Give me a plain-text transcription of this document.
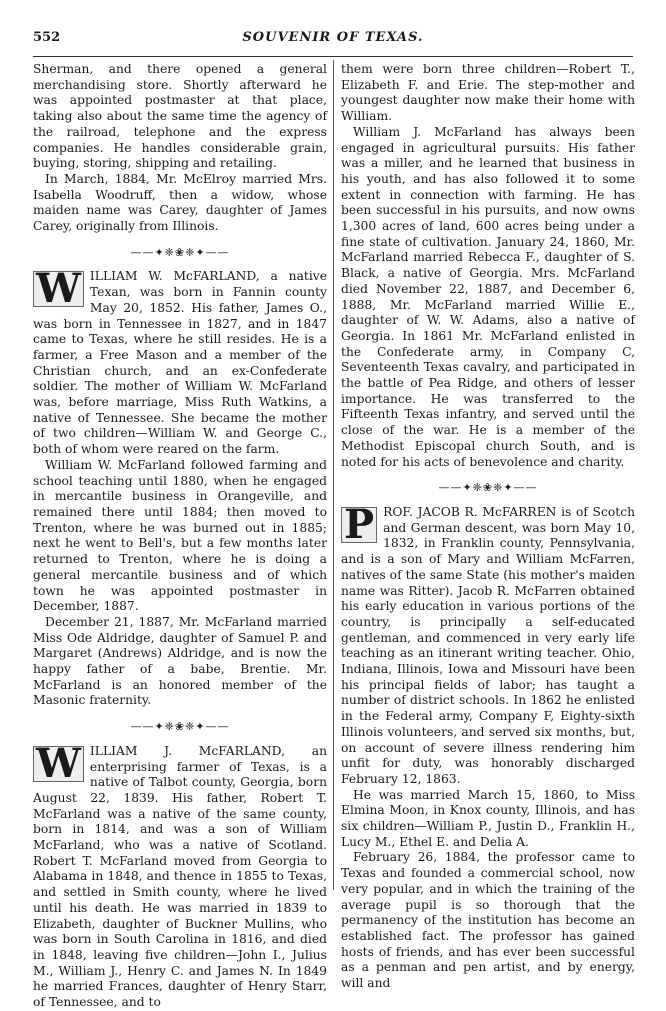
552	SOUVENIR OF TEXAS.

Sherman, and there opened a general merchandising store. Shortly afterward he was appointed postmaster at that place, taking also about the same time the agency of the railroad, telephone and the express companies. He handles considerable grain, buying, storing, shipping and retailing.

In March, 1884, Mr. McElroy married Mrs. Isabella Woodruff, then a widow, whose maiden name was Carey, daughter of James Carey, originally from Illinois.

——✦❈❀❈✦——

W ILLIAM W. McFARLAND, a native Texan, was born in Fannin county May 20, 1852. His father, James O., was born in Tennessee in 1827, and in 1847 came to Texas, where he still resides. He is a farmer, a Free Mason and a member of the Christian church, and an ex-Confederate soldier. The mother of William W. McFarland was, before marriage, Miss Ruth Watkins, a native of Tennessee. She became the mother of two children—William W. and George C., both of whom were reared on the farm.

William W. McFarland followed farming and school teaching until 1880, when he engaged in mercantile business in Orangeville, and remained there until 1884; then moved to Trenton, where he was burned out in 1885; next he went to Bell's, but a few months later returned to Trenton, where he is doing a general mercantile business and of which town he was appointed postmaster in December, 1887.

December 21, 1887, Mr. McFarland married Miss Ode Aldridge, daughter of Samuel P. and Margaret (Andrews) Aldridge, and is now the happy father of a babe, Brentie. Mr. McFarland is an honored member of the Masonic fraternity.

——✦❈❀❈✦——

W ILLIAM J. McFARLAND, an enterprising farmer of Texas, is a native of Talbot county, Georgia, born August 22, 1839. His father, Robert T. McFarland was a native of the same county, born in 1814, and was a son of William McFarland, who was a native of Scotland. Robert T. McFarland moved from Georgia to Alabama in 1848, and thence in 1855 to Texas, and settled in Smith county, where he lived until his death. He was married in 1839 to Elizabeth, daughter of Buckner Mullins, who was born in South Carolina in 1816, and died in 1848, leaving five children—John I., Julius M., William J., Henry C. and James N. In 1849 he married Frances, daughter of Henry Starr, of Tennessee, and to

them were born three children—Robert T., Elizabeth F. and Erie. The step-mother and youngest daughter now make their home with William.

William J. McFarland has always been engaged in agricultural pursuits. His father was a miller, and he learned that business in his youth, and has also followed it to some extent in connection with farming. He has been successful in his pursuits, and now owns 1,300 acres of land, 600 acres being under a fine state of cultivation. January 24, 1860, Mr. McFarland married Rebecca F., daughter of S. Black, a native of Georgia. Mrs. McFarland died November 22, 1887, and December 6, 1888, Mr. McFarland married Willie E., daughter of W. W. Adams, also a native of Georgia. In 1861 Mr. McFarland enlisted in the Confederate army, in Company C, Seventeenth Texas cavalry, and participated in the battle of Pea Ridge, and others of lesser importance. He was transferred to the Fifteenth Texas infantry, and served until the close of the war. He is a member of the Methodist Episcopal church South, and is noted for his acts of benevolence and charity.

——✦❈❀❈✦——

P ROF. JACOB R. McFARREN is of Scotch and German descent, was born May 10, 1832, in Franklin county, Pennsylvania, and is a son of Mary and William McFarren, natives of the same State (his mother's maiden name was Ritter). Jacob R. McFarren obtained his early education in various portions of the country, is principally a self-educated gentleman, and commenced in very early life teaching as an itinerant writing teacher. Ohio, Indiana, Illinois, Iowa and Missouri have been his principal fields of labor; has taught a number of district schools. In 1862 he enlisted in the Federal army, Company F, Eighty-sixth Illinois volunteers, and served six months, but, on account of severe illness rendering him unfit for duty, was honorably discharged February 12, 1863.

He was married March 15, 1860, to Miss Elmina Moon, in Knox county, Illinois, and has six children—William P., Justin D., Franklin H., Lucy M., Ethel E. and Delia A.

February 26, 1884, the professor came to Texas and founded a commercial school, now very popular, and in which the training of the average pupil is so thorough that the permanency of the institution has become an established fact. The professor has gained hosts of friends, and has ever been successful as a penman and pen artist, and by energy, will and
